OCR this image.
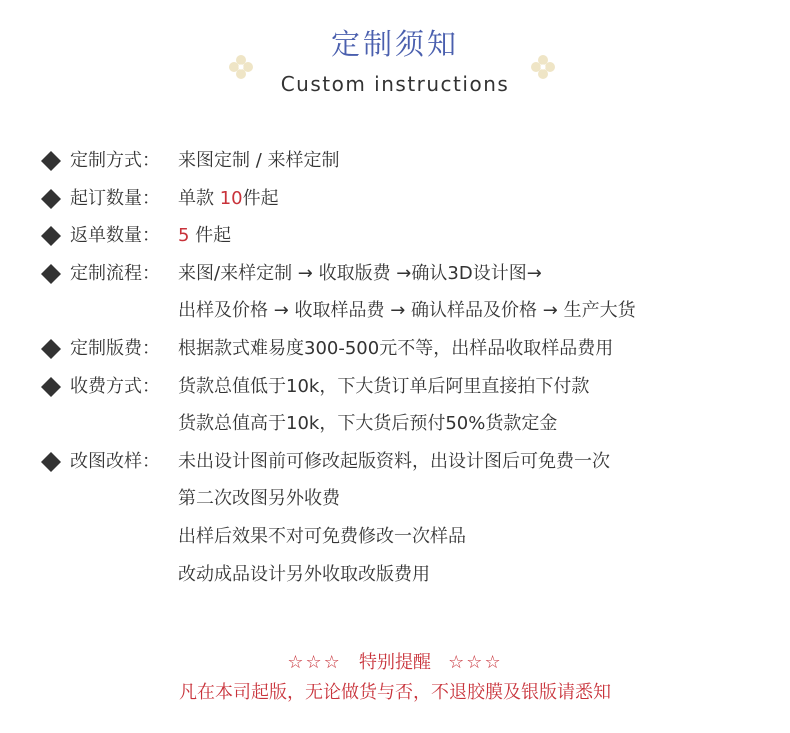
定制须知
Custom instructions
定制方式： 来图定制 / 来样定制
起订数量： 单款 10件起
返单数量： 5 件起
定制流程： 来图/来样定制 → 收取版费 →确认3D设计图→
出样及价格 → 收取样品费 → 确认样品及价格 → 生产大货
定制版费： 根据款式难易度300-500元不等，出样品收取样品费用
收费方式： 货款总值低于10k，下大货订单后阿里直接拍下付款
货款总值高于10k，下大货后预付50%货款定金
改图改样： 未出设计图前可修改起版资料，出设计图后可免费一次
第二次改图另外收费
出样后效果不对可免费修改一次样品
改动成品设计另外收取改版费用
☆☆☆ 特别提醒 ☆☆☆
凡在本司起版，无论做货与否，不退胶膜及银版请悉知
